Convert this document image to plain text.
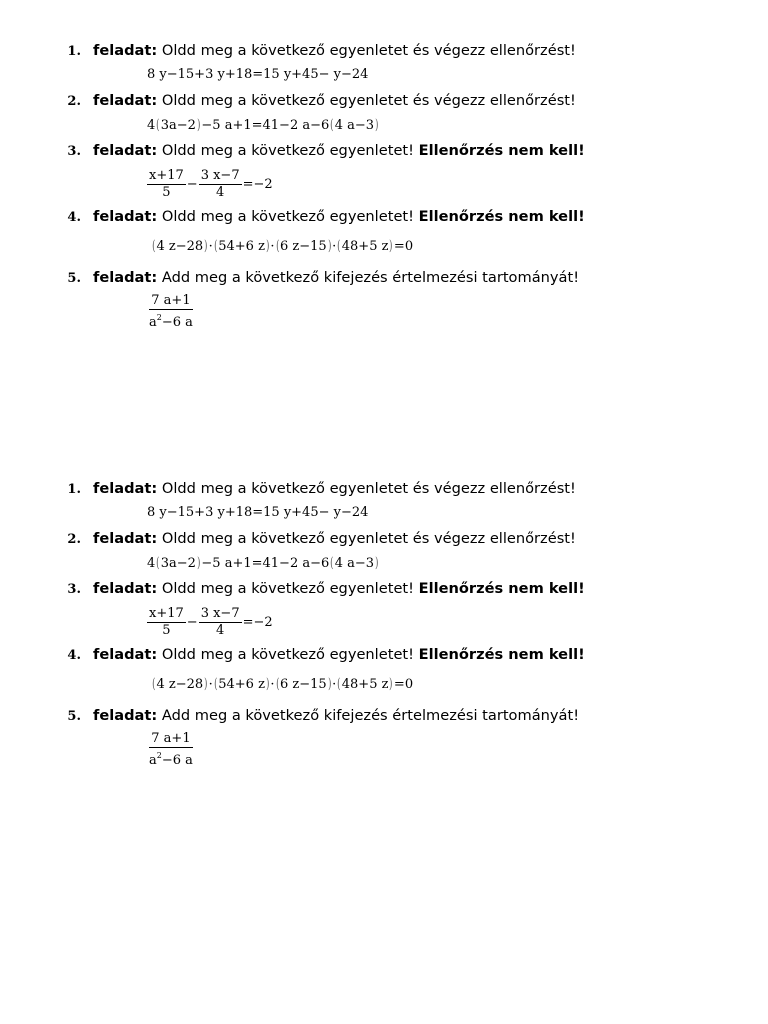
1 .	feladat: Oldd meg a következő egyenletet és végezz ellenőrzést!
8 y−15+3 y+18=15 y+45− y−24
2 .	feladat: Oldd meg a következő egyenletet és végezz ellenőrzést!
4(3a−2)−5 a+1=41−2 a−6(4 a−3)
3 .	feladat: Oldd meg a következő egyenletet! Ellenőrzés nem kell!
$\frac{x+17}{5} - \frac{3 x-7}{4} =-2$
4 .	feladat: Oldd meg a következő egyenletet! Ellenőrzés nem kell!
(4 z−28)·(54+6 z)·(6 z−15)·(48+5 z)=0
5 .	feladat: Add meg a következő kifejezés értelmezési tartományát!
$\frac{7 a+1}{a^2-6 a}$
1 .	feladat: Oldd meg a következő egyenletet és végezz ellenőrzést!
8 y−15+3 y+18=15 y+45− y−24
2 .	feladat: Oldd meg a következő egyenletet és végezz ellenőrzést!
4(3a−2)−5 a+1=41−2 a−6(4 a−3)
3 .	feladat: Oldd meg a következő egyenletet! Ellenőrzés nem kell!
$\frac{x+17}{5} - \frac{3 x-7}{4} =-2$
4 .	feladat: Oldd meg a következő egyenletet! Ellenőrzés nem kell!
(4 z−28)·(54+6 z)·(6 z−15)·(48+5 z)=0
5 .	feladat: Add meg a következő kifejezés értelmezési tartományát!
$\frac{7 a+1}{a^2-6 a}$
